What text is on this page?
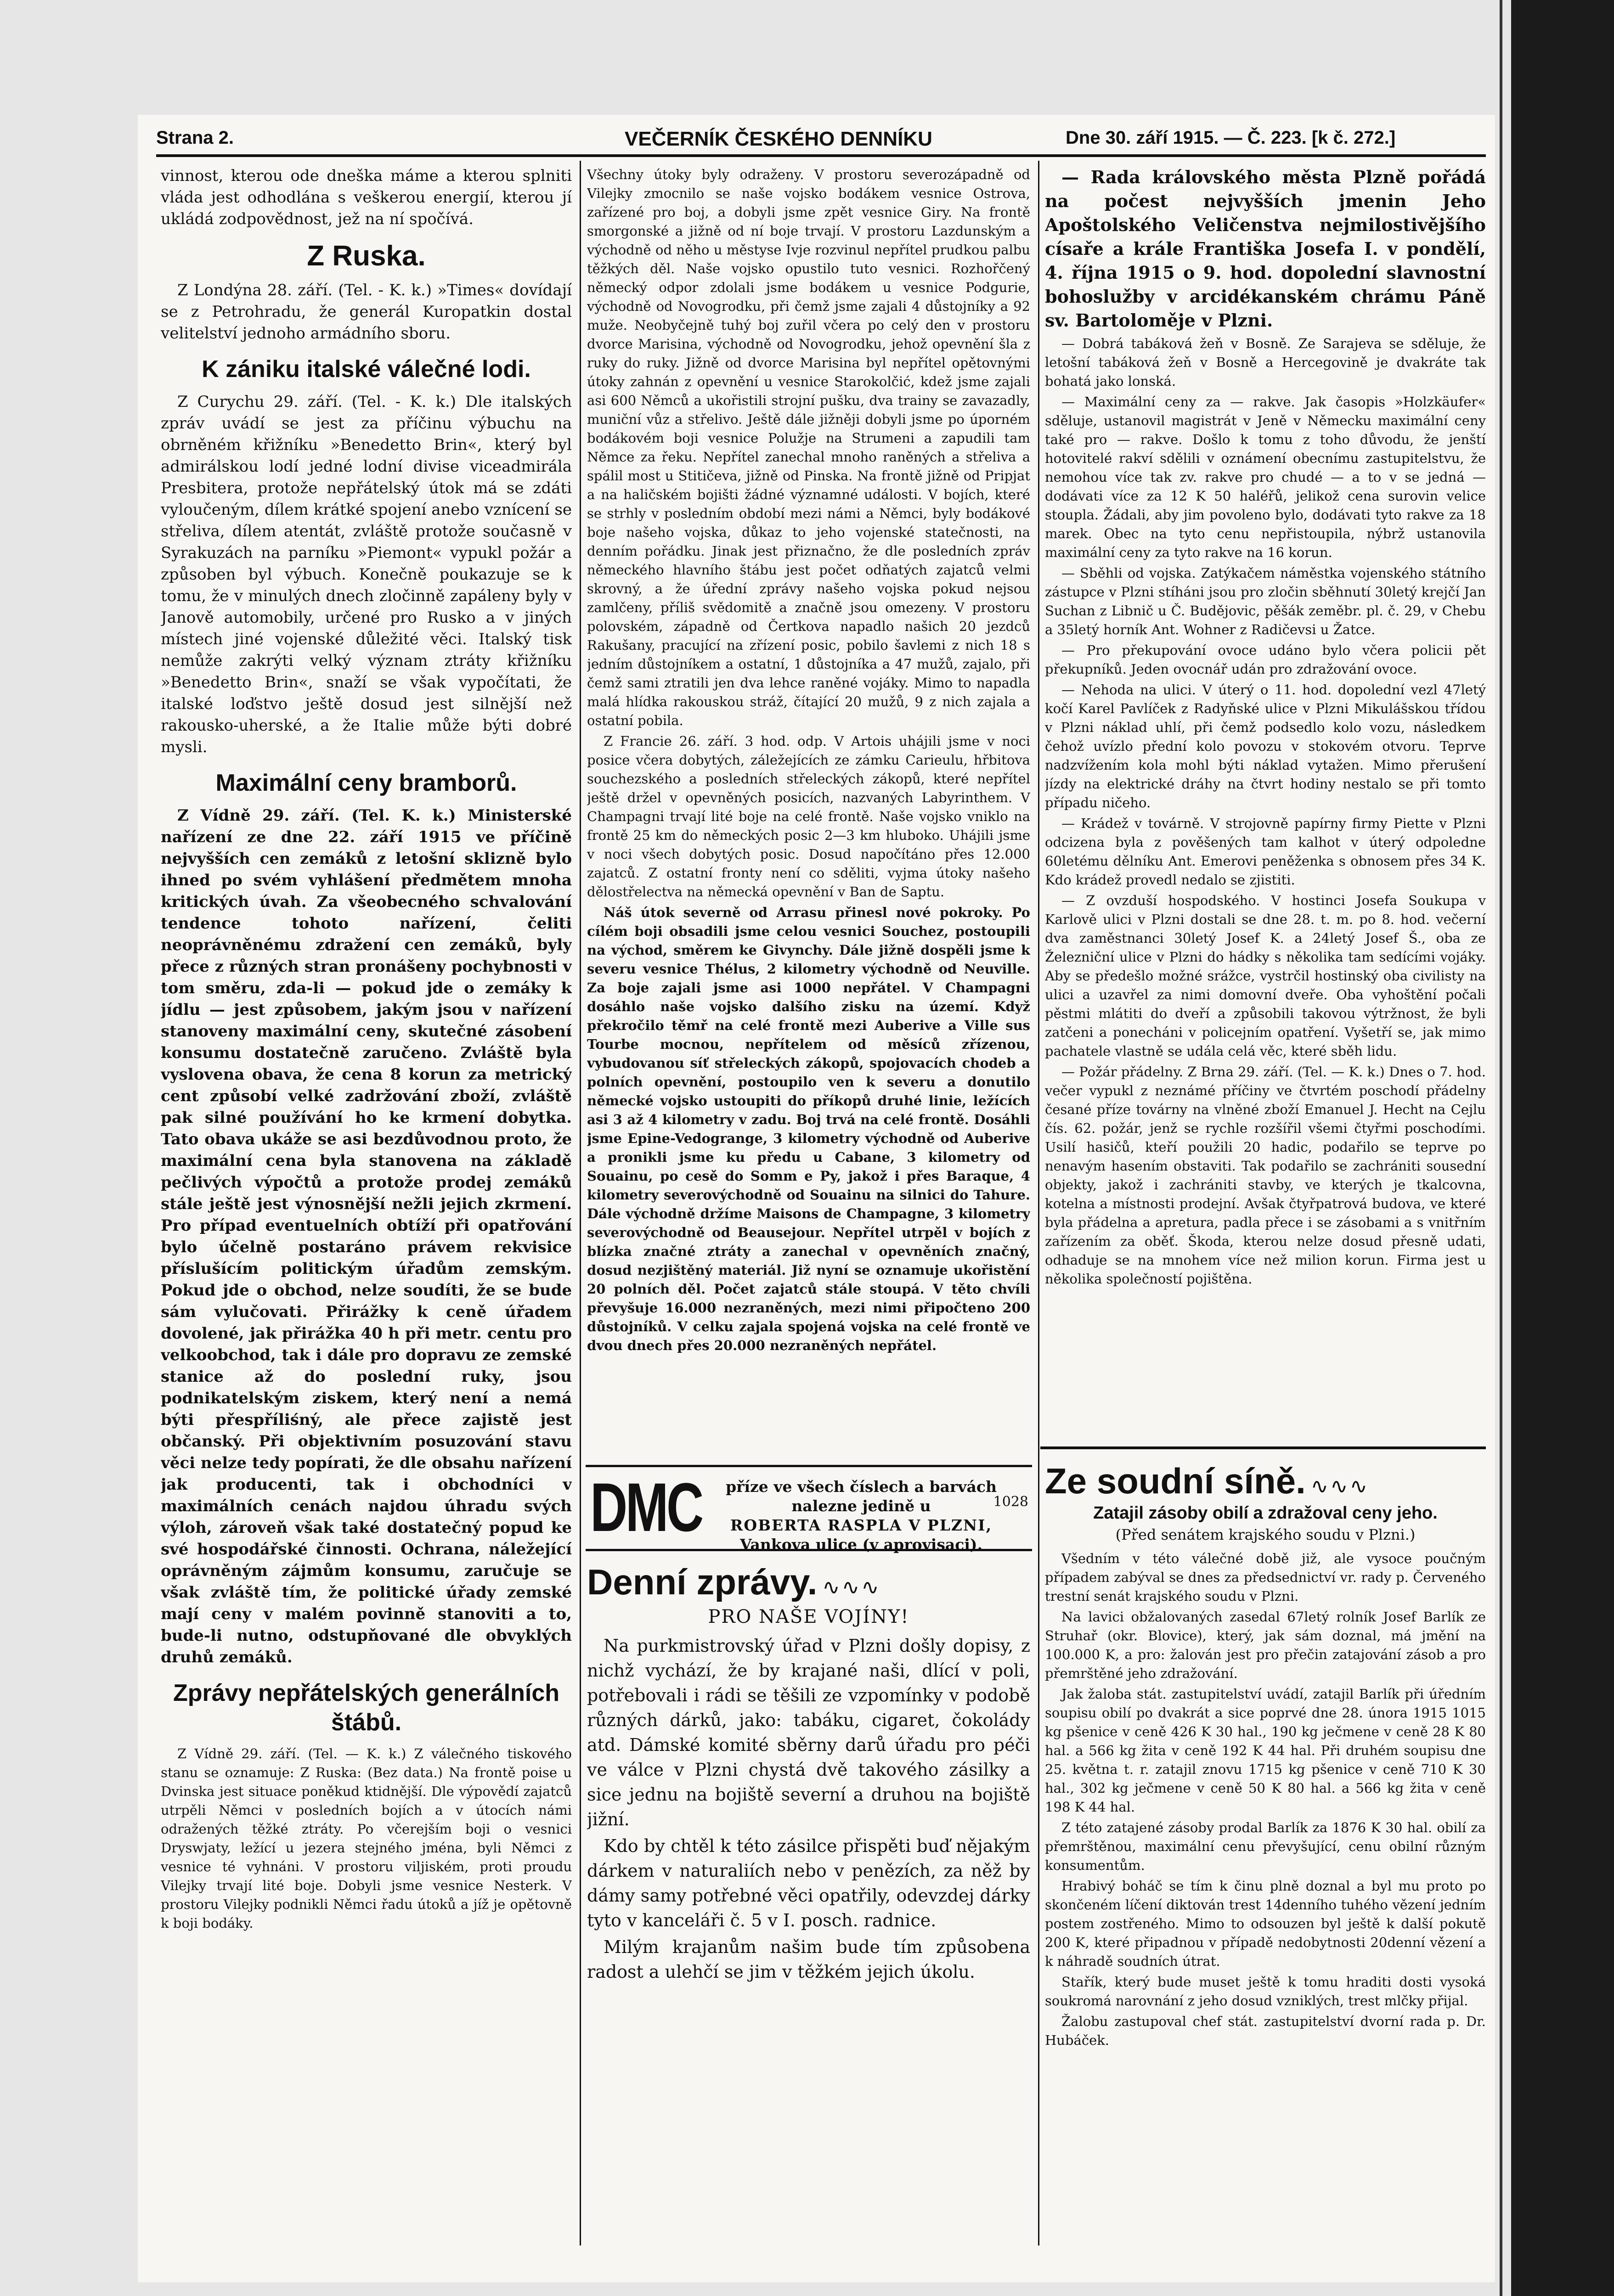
Strana 2.	VEČERNÍK ČESKÉHO DENNÍKU	Dne 30. září 1915. — Č. 223. [k č. 272.]

vinnost, kterou ode dneška máme a kterou splniti vláda jest odhodlána s veškerou energií, kterou jí ukládá zodpovědnost, jež na ní spočívá.

Z Ruska.

Z Londýna 28. září. (Tel. - K. k.) »Times« dovídají se z Petrohradu, že generál Kuropatkin dostal velitelství jednoho armádního sboru.

K zániku italské válečné lodi.

Z Curychu 29. září. (Tel. - K. k.) Dle italských zpráv uvádí se jest za příčinu výbuchu na obrněném křižníku »Benedetto Brin«, který byl admirálskou lodí jedné lodní divise viceadmirála Presbitera, protože nepřátelský útok má se zdáti vyloučeným, dílem krátké spojení anebo vznícení se střeliva, dílem atentát, zvláště protože současně v Syrakuzách na parníku »Piemont« vypukl požár a způsoben byl výbuch. Konečně poukazuje se k tomu, že v minulých dnech zločinně zapáleny byly v Janově automobily, určené pro Rusko a v jiných místech jiné vojenské důležité věci. Italský tisk nemůže zakrýti velký význam ztráty křižníku »Benedetto Brin«, snaží se však vypočítati, že italské loďstvo ještě dosud jest silnější než rakousko-uherské, a že Italie může býti dobré mysli.

Maximální ceny bramborů.

Z Vídně 29. září. (Tel. K. k.) Ministerské nařízení ze dne 22. září 1915 ve příčině nejvyšších cen zemáků z letošní sklizně bylo ihned po svém vyhlášení předmětem mnoha kritických úvah. Za všeobecného schvalování tendence tohoto nařízení, čeliti neoprávněnému zdražení cen zemáků, byly přece z různých stran pronášeny pochybnosti v tom směru, zda-li — pokud jde o zemáky k jídlu — jest způsobem, jakým jsou v nařízení stanoveny maximální ceny, skutečné zásobení konsumu dostatečně zaručeno. Zvláště byla vyslovena obava, že cena 8 korun za metrický cent způsobí velké zadržování zboží, zvláště pak silné používání ho ke krmení dobytka. Tato obava ukáže se asi bezdůvodnou proto, že maximální cena byla stanovena na základě pečlivých výpočtů a protože prodej zemáků stále ještě jest výnosnější nežli jejich zkrmení. Pro případ eventuelních obtíží při opatřování bylo účelně postaráno právem rekvisice příslušícím politickým úřadům zemským. Pokud jde o obchod, nelze soudíti, že se bude sám vylučovati. Přirážky k ceně úřadem dovolené, jak přirážka 40 h při metr. centu pro velkoobchod, tak i dále pro dopravu ze zemské stanice až do poslední ruky, jsou podnikatelským ziskem, který není a nemá býti přespříliśný, ale přece zajistě jest občanský. Při objektivním posuzování stavu věci nelze tedy popírati, že dle obsahu nařízení jak producenti, tak i obchodníci v maximálních cenách najdou úhradu svých výloh, zároveň však také dostatečný popud ke své hospodářské činnosti. Ochrana, náležející oprávněným zájmům konsumu, zaručuje se však zvláště tím, že politické úřady zemské mají ceny v malém povinně stanoviti a to, bude-li nutno, odstupňované dle obvyklých druhů zemáků.

Zprávy nepřátelských generálních štábů.

Z Vídně 29. září. (Tel. — K. k.) Z válečného tiskového stanu se oznamuje: Z Ruska: (Bez data.) Na frontě poise u Dvinska jest situace poněkud ktidnější. Dle výpovědí zajatců utrpěli Němci v posledních bojích a v útocích námi odražených těžké ztráty. Po včerejším boji o vesnici Dryswjaty, ležící u jezera stejného jména, byli Němci z vesnice té vyhnáni. V prostoru viljiském, proti proudu Vilejky trvají lité boje. Dobyli jsme vesnice Nesterk. V prostoru Vilejky podnikli Němci řadu útoků a jíž je opětovně k boji bodáky.

Všechny útoky byly odraženy. V prostoru severozápadně od Vilejky zmocnilo se naše vojsko bodákem vesnice Ostrova, zařízené pro boj, a dobyli jsme zpět vesnice Giry. Na frontě smorgonské a jižně od ní boje trvají. V prostoru Lazdunským a východně od něho u městyse Ivje rozvinul nepřítel prudkou palbu těžkých děl. Naše vojsko opustilo tuto vesnici. Rozhořčený německý odpor zdolali jsme bodákem u vesnice Podgurie, východně od Novogrodku, při čemž jsme zajali 4 důstojníky a 92 muže. Neobyčejně tuhý boj zuřil včera po celý den v prostoru dvorce Marisina, východně od Novogrodku, jehož opevnění šla z ruky do ruky. Jižně od dvorce Marisina byl nepřítel opětovnými útoky zahnán z opevnění u vesnice Starokolčić, kdež jsme zajali asi 600 Němců a ukořistili strojní pušku, dva trainy se zavazadly, muniční vůz a střelivo. Ještě dále jižněji dobyli jsme po úporném bodákovém boji vesnice Polužje na Strumeni a zapudili tam Němce za řeku. Nepřítel zanechal mnoho raněných a střeliva a spálil most u Stitičeva, jižně od Pinska. Na frontě jižně od Pripjat a na haličském bojišti žádné významné události. V bojích, které se strhly v posledním období mezi námi a Němci, byly bodákové boje našeho vojska, důkaz to jeho vojenské statečnosti, na denním pořádku. Jinak jest přiznačno, že dle posledních zpráv německého hlavního štábu jest počet odňatých zajatců velmi skrovný, a že úřední zprávy našeho vojska pokud nejsou zamlčeny, příliš svědomitě a značně jsou omezeny. V prostoru polovském, západně od Čertkova napadlo našich 20 jezdců Rakušany, pracující na zřízení posic, pobilo šavlemi z nich 18 s jedním důstojníkem a ostatní, 1 důstojníka a 47 mužů, zajalo, při čemž sami ztratili jen dva lehce raněné vojáky. Mimo to napadla malá hlídka rakouskou stráž, čítající 20 mužů, 9 z nich zajala a ostatní pobila.

Z Francie 26. září. 3 hod. odp. V Artois uhájili jsme v noci posice včera dobytých, záležejících ze zámku Carieulu, hřbitova souchezského a posledních střeleckých zákopů, které nepřítel ještě držel v opevněných posicích, nazvaných Labyrinthem. V Champagni trvají lité boje na celé frontě. Naše vojsko vniklo na frontě 25 km do německých posic 2—3 km hluboko. Uhájili jsme v noci všech dobytých posic. Dosud napočítáno přes 12.000 zajatců. Z ostatní fronty není co sděliti, vyjma útoky našeho dělostřelectva na německá opevnění v Ban de Saptu.

Náš útok severně od Arrasu přinesl nové pokroky. Po cílém boji obsadili jsme celou vesnici Souchez, postoupili na východ, směrem ke Givynchy. Dále jižně dospěli jsme k severu vesnice Thélus, 2 kilometry východně od Neuville. Za boje zajali jsme asi 1000 nepřátel. V Champagni dosáhlo naše vojsko dalšího zisku na území. Když překročilo těmř na celé frontě mezi Auberive a Ville sus Tourbe mocnou, nepřítelem od měsíců zřízenou, vybudovanou síť střeleckých zákopů, spojovacích chodeb a polních opevnění, postoupilo ven k severu a donutilo německé vojsko ustoupiti do příkopů druhé linie, ležících asi 3 až 4 kilometry v zadu. Boj trvá na celé frontě. Dosáhli jsme Epine-Vedogrange, 3 kilometry východně od Auberive a pronikli jsme ku předu u Cabane, 3 kilometry od Souainu, po cesě do Somm e Py, jakož i přes Baraque, 4 kilometry severovýchodně od Souainu na silnici do Tahure. Dále východně držíme Maisons de Champagne, 3 kilometry severovýchodně od Beausejour. Nepřítel utrpěl v bojích z blízka značné ztráty a zanechal v opevněních značný, dosud nezjištěný materiál. Již nyní se oznamuje ukořistění 20 polních děl. Počet zajatců stále stoupá. V těto chvíli převyšuje 16.000 nezraněných, mezi nimi připočteno 200 důstojníků. V celku zajala spojená vojska na celé frontě ve dvou dnech přes 20.000 nezraněných nepřátel.

DMC	příze ve všech číslech a barvách
nalezne jedině u
ROBERTA RASPLA V PLZNI,
Vankova ulice (v aprovisaci).
1028
Denní zprávy. ∿∿∿
PRO NAŠE VOJÍNY!

Na purkmistrovský úřad v Plzni došly dopisy, z nichž vychází, že by krajané naši, dlící v poli, potřebovali i rádi se těšili ze vzpomínky v podobě různých dárků, jako: tabáku, cigaret, čokolády atd. Dámské komité sběrny darů úřadu pro péči ve válce v Plzni chystá dvě takového zásilky a sice jednu na bojiště severní a druhou na bojiště jižní.

Kdo by chtěl k této zásilce přispěti buď nějakým dárkem v naturaliích nebo v penězích, za něž by dámy samy potřebné věci opatřily, odevzdej dárky tyto v kanceláři č. 5 v I. posch. radnice.

Milým krajanům našim bude tím způsobena radost a ulehčí se jim v těžkém jejich úkolu.

— Rada královského města Plzně pořádá na počest nejvyšších jmenin Jeho Apoštolského Veličenstva nejmilostivějšího císaře a krále Františka Josefa I. v pondělí, 4. října 1915 o 9. hod. dopolední slavnostní bohoslužby v arcidékanském chrámu Páně sv. Bartoloměje v Plzni.

— Dobrá tabáková žeň v Bosně. Ze Sarajeva se sděluje, že letošní tabáková žeň v Bosně a Hercegovině je dvakráte tak bohatá jako lonská.

— Maximální ceny za — rakve. Jak časopis »Holzkäufer« sděluje, ustanovil magistrát v Jeně v Německu maximální ceny také pro — rakve. Došlo k tomu z toho důvodu, že jenští hotovitelé rakví sdělili v oznámení obecnímu zastupitelstvu, že nemohou více tak zv. rakve pro chudé — a to v se jedná — dodávati více za 12 K 50 haléřů, jelikož cena surovin velice stoupla. Žádali, aby jim povoleno bylo, dodávati tyto rakve za 18 marek. Obec na tyto cenu nepřistoupila, nýbrž ustanovila maximální ceny za tyto rakve na 16 korun.

— Sběhli od vojska. Zatýkačem náměstka vojenského státního zástupce v Plzni stíháni jsou pro zločin sběhnutí 30letý krejčí Jan Suchan z Libnič u Č. Budějovic, pěšák zeměbr. pl. č. 29, v Chebu a 35letý horník Ant. Wohner z Radičevsi u Žatce.

— Pro překupování ovoce udáno bylo včera policii pět překupníků. Jeden ovocnář udán pro zdražování ovoce.

— Nehoda na ulici. V úterý o 11. hod. dopolední vezl 47letý kočí Karel Pavlíček z Radyňské ulice v Plzni Mikulášskou třídou v Plzni náklad uhlí, při čemž podsedlo kolo vozu, následkem čehož uvízlo přední kolo povozu v stokovém otvoru. Teprve nadzvížením kola mohl býti náklad vytažen. Mimo přerušení jízdy na elektrické dráhy na čtvrt hodiny nestalo se při tomto případu ničeho.

— Krádež v továrně. V strojovně papírny firmy Piette v Plzni odcizena byla z pověšených tam kalhot v úterý odpoledne 60letému dělníku Ant. Emerovi peněženka s obnosem přes 34 K. Kdo krádež provedl nedalo se zjistiti.

— Z ovzduší hospodského. V hostinci Josefa Soukupa v Karlově ulici v Plzni dostali se dne 28. t. m. po 8. hod. večerní dva zaměstnanci 30letý Josef K. a 24letý Josef Š., oba ze Železniční ulice v Plzni do hádky s několika tam sedícími vojáky. Aby se předešlo možné srážce, vystrčil hostinský oba civilisty na ulici a uzavřel za nimi domovní dveře. Oba vyhoštění počali pěstmi mlátiti do dveří a způsobili takovou výtržnost, že byli zatčeni a ponecháni v policejním opatření. Vyšetří se, jak mimo pachatele vlastně se udála celá věc, které sběh lidu.

— Požár přádelny. Z Brna 29. září. (Tel. — K. k.) Dnes o 7. hod. večer vypukl z neznámé příčiny ve čtvrtém poschodí přádelny česané příze továrny na vlněné zboží Emanuel J. Hecht na Cejlu čís. 62. požár, jenž se rychle rozšířil všemi čtyřmi poschodími. Usilí hasičů, kteří použili 20 hadic, podařilo se teprve po nenavým hasením obstaviti. Tak podařilo se zachrániti sousední objekty, jakož i zachrániti stavby, ve kterých je tkalcovna, kotelna a místnosti prodejní. Avšak čtyřpatrová budova, ve které byla přádelna a apretura, padla přece i se zásobami a s vnitřním zařízením za oběť. Škoda, kterou nelze dosud přesně udati, odhaduje se na mnohem více než milion korun. Firma jest u několika společností pojištěna.

Ze soudní síně. ∿∿∿
Zatajil zásoby obilí a zdražoval ceny jeho.
(Před senátem krajského soudu v Plzni.)

Všedním v této válečné době již, ale vysoce poučným případem zabýval se dnes za předsednictví vr. rady p. Červeného trestní senát krajského soudu v Plzni.

Na lavici obžalovaných zasedal 67letý rolník Josef Barlík ze Struhař (okr. Blovice), který, jak sám doznal, má jmění na 100.000 K, a pro: žalován jest pro přečin zatajování zásob a pro přemrštěné jeho zdražování.

Jak žaloba stát. zastupitelství uvádí, zatajil Barlík při úředním soupisu obilí po dvakrát a sice poprvé dne 28. února 1915 1015 kg pšenice v ceně 426 K 30 hal., 190 kg ječmene v ceně 28 K 80 hal. a 566 kg žita v ceně 192 K 44 hal. Při druhém soupisu dne 25. května t. r. zatajil znovu 1715 kg pšenice v ceně 710 K 30 hal., 302 kg ječmene v ceně 50 K 80 hal. a 566 kg žita v ceně 198 K 44 hal.

Z této zatajené zásoby prodal Barlík za 1876 K 30 hal. obilí za přemrštěnou, maximální cenu převyšující, cenu obilní různým konsumentům.

Hrabivý boháč se tím k činu plně doznal a byl mu proto po skončeném líčení diktován trest 14denního tuhého vězení jedním postem zostřeného. Mimo to odsouzen byl ještě k další pokutě 200 K, které připadnou v případě nedobytnosti 20denní vězení a k náhradě soudních útrat.

Stařík, který bude muset ještě k tomu hraditi dosti vysoká soukromá narovnání z jeho dosud vzniklých, trest mlčky přijal.

Žalobu zastupoval chef stát. zastupitelství dvorní rada p. Dr. Hubáček.
